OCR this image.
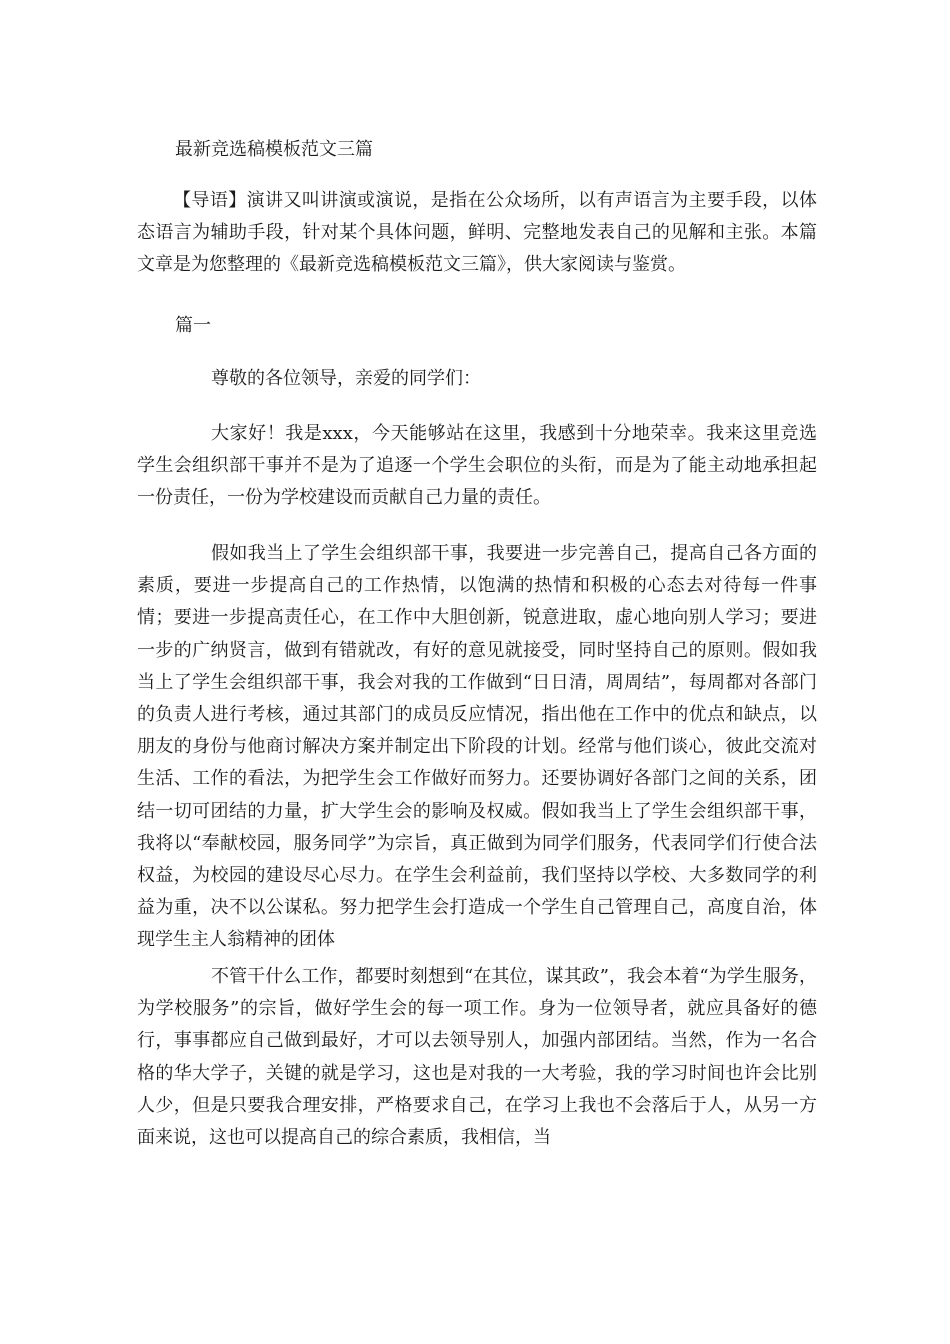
最新竞选稿模板范文三篇

【导语】演讲又叫讲演或演说，是指在公众场所，以有声语言为主要手段，以体态语言为辅助手段，针对某个具体问题，鲜明、完整地发表自己的见解和主张。本篇文章是为您整理的《最新竞选稿模板范文三篇》，供大家阅读与鉴赏。

篇一
尊敬的各位领导，亲爱的同学们：

大家好！我是xxx，今天能够站在这里，我感到十分地荣幸。我来这里竞选学生会组织部干事并不是为了追逐一个学生会职位的头衔，而是为了能主动地承担起一份责任，一份为学校建设而贡献自己力量的责任。

假如我当上了学生会组织部干事，我要进一步完善自己，提高自己各方面的素质，要进一步提高自己的工作热情，以饱满的热情和积极的心态去对待每一件事情；要进一步提高责任心，在工作中大胆创新，锐意进取，虚心地向别人学习；要进一步的广纳贤言，做到有错就改，有好的意见就接受，同时坚持自己的原则。假如我当上了学生会组织部干事，我会对我的工作做到“日日清，周周结”，每周都对各部门的负责人进行考核，通过其部门的成员反应情况，指出他在工作中的优点和缺点，以朋友的身份与他商讨解决方案并制定出下阶段的计划。经常与他们谈心，彼此交流对生活、工作的看法，为把学生会工作做好而努力。还要协调好各部门之间的关系，团结一切可团结的力量，扩大学生会的影响及权威。假如我当上了学生会组织部干事，我将以“奉献校园，服务同学”为宗旨，真正做到为同学们服务，代表同学们行使合法权益，为校园的建设尽心尽力。在学生会利益前，我们坚持以学校、大多数同学的利益为重，决不以公谋私。努力把学生会打造成一个学生自己管理自己，高度自治，体现学生主人翁精神的团体

不管干什么工作，都要时刻想到“在其位，谋其政”，我会本着“为学生服务，为学校服务”的宗旨，做好学生会的每一项工作。身为一位领导者，就应具备好的德行，事事都应自己做到最好，才可以去领导别人，加强内部团结。当然，作为一名合格的华大学子，关键的就是学习，这也是对我的一大考验，我的学习时间也许会比别人少，但是只要我合理安排，严格要求自己，在学习上我也不会落后于人，从另一方面来说，这也可以提高自己的综合素质，我相信，当
